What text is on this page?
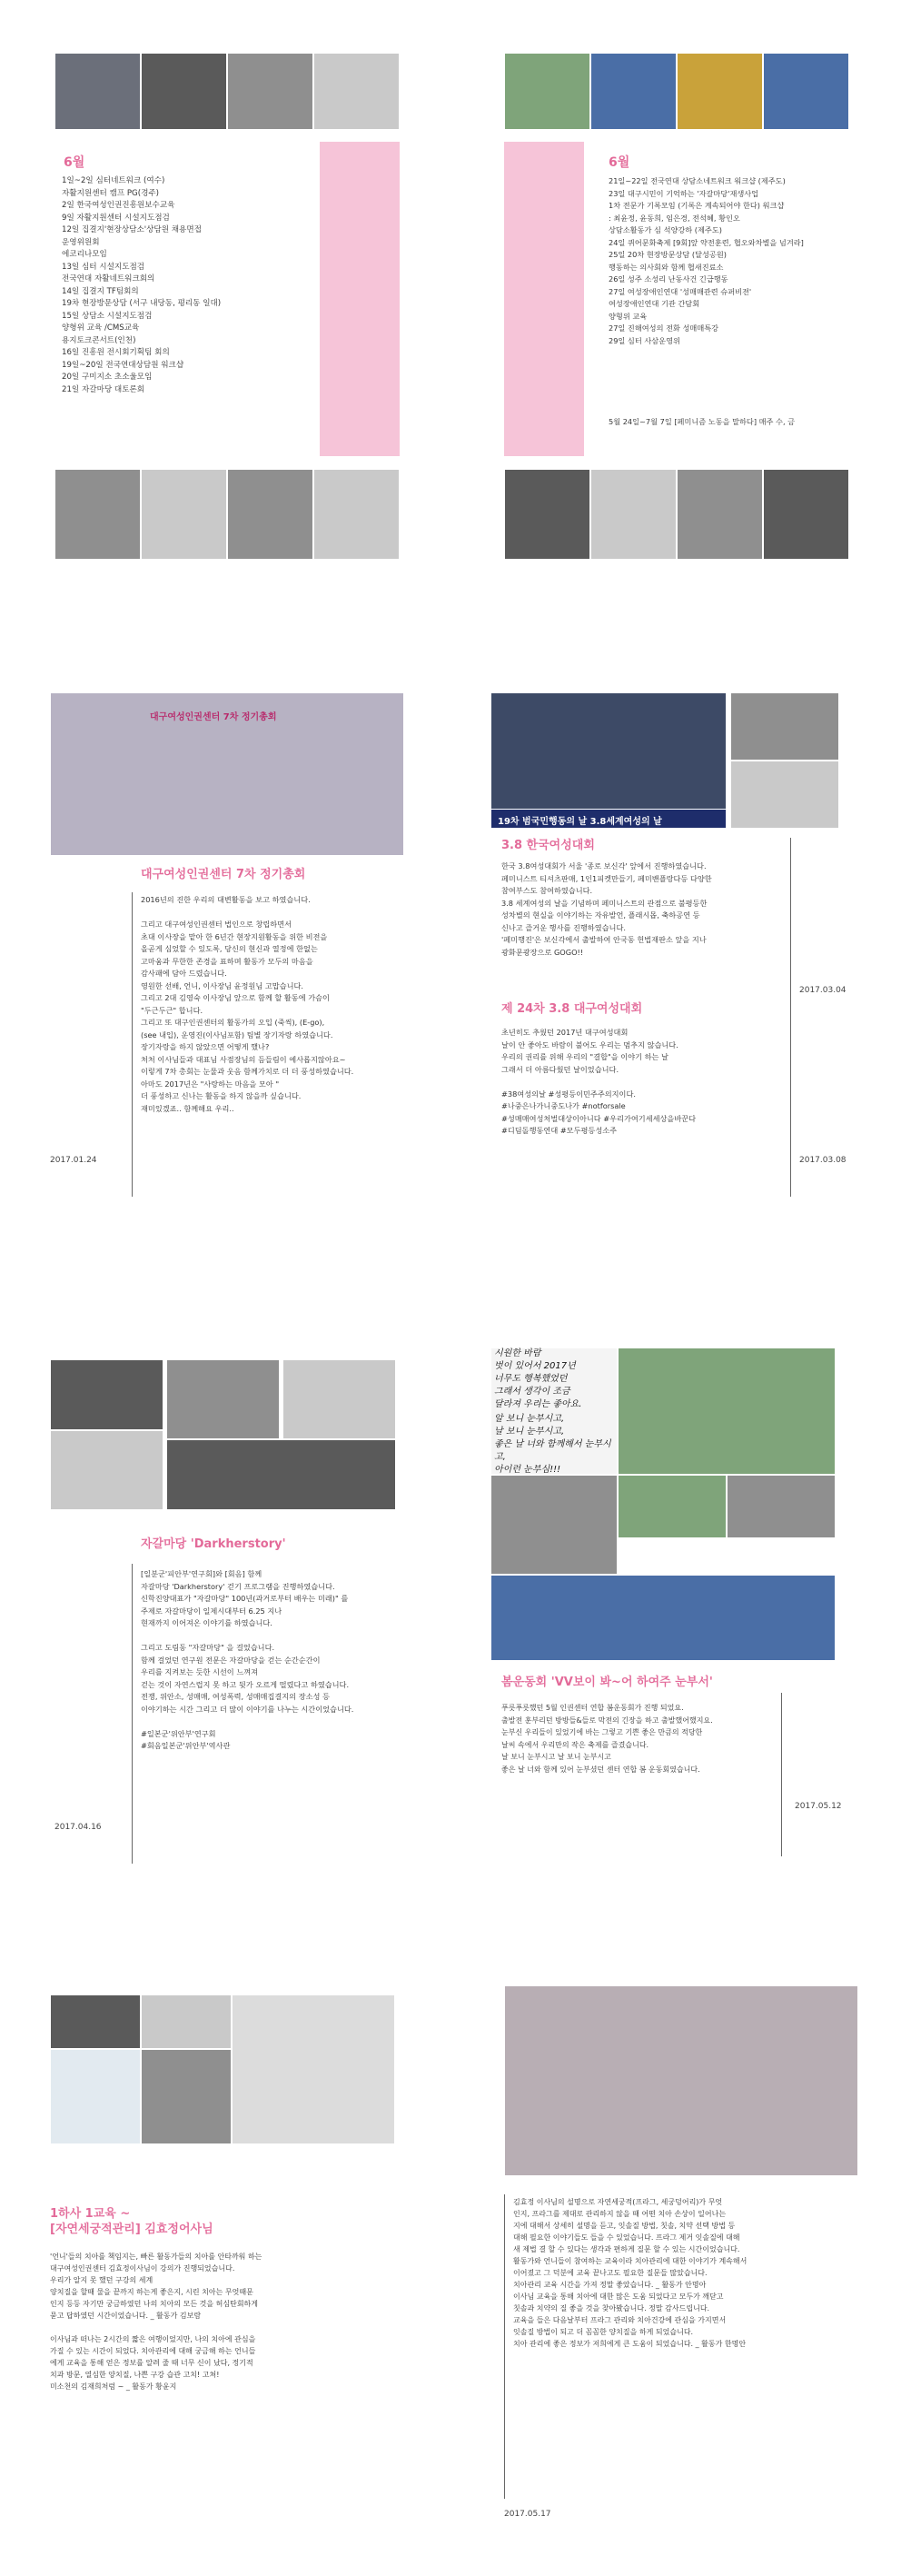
6월
1일~2일 심터네트워크 (여수)
자활지원센터 캠프 PG(경주)
2일 한국여성인권진흥원보수교육
9일 자활지원센터 시설지도점검
12일 집결지'현장상담소'상담원 채용면접
운영위원회
에코리나모임
13일 심터 시설지도점검
전국연대 자활네트워크회의
14일 집결지 TF팀회의
19차 현장방문상담 (서구 내당동, 평리동 일대)
15일 상담소 시설지도점검
양형위 교육 /CMS교육
용지토크콘서트(인천)
16일 진흥원 전시회기획팀 회의
19일~20일 전국연대상담원 워크샵
20일 구미지소 초소울모임
21일 자갈마당 대토론회
6월
21일~22일 전국연대 상담소네트워크 워크샵 (제주도)
23일 대구시민이 기억하는 '자갈마당'재생사업
1차 전문가 기록모임 (기록은 계속되어야 한다) 워크샵
: 최윤정, 윤동희, 임은경, 전석혜, 황인오
상담소활동가 심 석양강하 (제주도)
24일 퀴어문화축제 [9회]앞 약전훈련, 협오와차별을 넘겨라]
25일 20차 현장방문상담 (달성공원)
행동하는 의사회와 함께 협새진료소
26일 성주 소성리 난동사건 긴급행동
27일 여성장애인연대 '성매매관련 슈퍼비젼'
여성장애인연대 기관 간담회
양형위 교육
27일 진해여성의 전화 성매매특강
29일 심터 사삼운영위
5월 24일~7월 7일 [페미니즘 노동을 말하다] 매주 수, 금
대구여성인권센터 7차 정기총회
대구여성인권센터 7차 정기총회
2016년의 진한 우리의 대변활동을 보고 하였습니다.

그리고 대구여성인권센터 법인으로 창립하면서
초대 이사장을 맡아 한 6년간 현장지원활동을 위한 비전을
올곧게 심었할 수 있도록, 당신의 현신과 열정에 한없는
고마움과 무한한 존경을 표하며 활동가 모두의 마음을
감사패에 담아 드렸습니다.
영원한 선배, 언니, 이사장님 윤정원님 고맙습니다.
그리고 2대 김영숙 이사장님 앞으로 함께 할 활동에 가슴이
"두근두근" 합니다.
그리고 또 대구인권센터의 활동가의 오입 (죽씩), (E-go),
(see 내입), 운영진(이사님포함) 팀별 장기자랑 하였습니다.
장기자랑을 하지 않았으면 어떻게 했나?
처처 이사님들과 대표님 사점장님의 듬들림이 예사롭지않아요~
이렇게 7차 총회는 눈물과 웃음 함께가치로 더 더 풍성하였습니다.
아마도 2017년은 "사랑하는 마음을 모아 "
더 풍성하고 신나는 활동을 하지 않을까 싶습니다.
재미있겠죠.. 함께해요 우리..
2017.01.24
19차 범국민행동의 날 3.8세계여성의 날
3.8 한국여성대회
한국 3.8여성대회가 서울 '종로 보신각' 앞에서 진행하였습니다.
페미니스트 티셔츠판매, 1인1피켓만들기, 페미밴플랑다등 다양한
참여부스도 참여하였습니다.
3.8 세계여성의 날을 기념하며 페미니스트의 관점으로 불평등한
성차별의 현실을 이야기하는 자유발언, 플래시몹, 축하공연 등
신나고 즐거운 행사를 진행하였습니다.
'페미행진'은 보신각에서 출발하여 안국동 헌법재판소 앞을 지나
광화문광장으로 GOGO!!
2017.03.04
제 24차 3.8 대구여성대회
초년히도 추웠던 2017년 대구여성대회
날이 안 좋아도 바람이 불어도 우리는 멈추지 않습니다.
우리의 권리를 위해 우리의 "결합"을 이야기 하는 날
그래서 더 아름다웠던 날이었습니다.

#38여성의날 #성평등이민주주의지이다.
#나중은나가니중도나가 #notforsale
#성매매여성처벌대상이아니다 #우리가여기세세상을바꾼다
#디딤돌행동연대 #모두평등성소주
2017.03.08
자갈마당 'Darkherstory'
[일분군'피안부'연구회]와 [회음] 함께
자갈마당 'Darkherstory' 걷기 프로그램을 진행하였습니다.
신학진양대표가 "자갈마당" 100년(과거로부터 배우는 미래)" 를
주제로 자갈마당이 일제시대부터 6.25 지나
현재까지 이어져온 이야기를 하였습니다.

그리고 도림동 "자갈마당" 을 걸었습니다.
함께 걸었던 연구원 전문은 자갈마당을 걷는 순간순간이
우리를 지켜보는 듯한 시선이 느껴져
걷는 것이 자연스럽지 못 하고 뒷가 오르게 떨렸다고 하였습니다.
전쟁, 위안소, 성매매, 여성폭력, 성매매집결지의 장소성 등
이야기하는 시간 그리고 더 많이 이야기를 나누는 시간이었습니다.

#일본군'위안부'연구회
#회음일본군'위안부'역사관
2017.04.16
시원한 바람
벗이 있어서 2017년
너무도 행복했었던
그래서 생각이 조금
달라져 우리는 좋아요.
알 보니 눈부시고,
날 보니 눈부시고,
좋은 날 너와 함께해서 눈부시고,
아이런 눈부심!!!
봄운동회 'VV보이 봐~어 하여주 눈부서'
푸릇푸릇했던 5월 인권센터 연합 봄운동회가 진행 되었요.
출발전 훈부리던 방방들&들로 막전의 긴장을 하고 출발했어했지요.
눈부신 우리들이 있었기에 바는 그렇고 기쁜 좋은 만큼의 적당한
날씨 속에서 우리만의 작은 축제를 즐겼습니다.
날 보니 눈부시고 날 보니 눈부시고
좋은 날 너와 함께 있어 눈부셨던 센터 연합 봄 운동회였습니다.
2017.05.12
1하사 1교육 ~
[자연세궁적관리] 김효정어사님
'언니'들의 치아를 책임지는, 빠른 활동가들의 치아를 안타까워 하는
대구여성인권센터 김효정이사님이 강의가 진행되었습니다.
우리가 알지 못 했던 구강의 세계
양치질을 할때 물을 끝까지 하는게 좋은지, 시린 치아는 무엇때문
인지 등등 자기만 궁금하였던 나의 치아의 모든 것을 허심탄회하게
묻고 답하였던 시간이었습니다. _ 활동가 김보람

이사님과 떠나는 2시간의 짧은 여행이었지만, 나의 치아에 관심을
가질 수 있는 시간이 되었다. 치아관리에 대해 궁금해 하는 언니들
에게 교육을 통해 얻은 정보를 알려 줄 때 너무 신이 났다, 정기적
치과 방문, 열심한 양치질, 나쁜 구강 습관 고치! 고쳐!
미소천의 김재희처럼 ~ _ 활동가 황윤지
김효정 이사님의 설명으로 자연세궁적(프라그, 세궁덩어리)가 무엇
인지, 프라그를 제대로 관리하지 않을 때 어떤 치아 손상이 일어나는
지에 대해서 상세히 설명을 듣고, 잇솔질 방법, 칫솔, 치약 선택 방법 등
대해 필요한 이야기들도 들을 수 있었습니다. 프라그 제거 잇솔질에 대해
새 제법 결 할 수 있다는 생각과 편하게 질문 할 수 있는 시간이었습니다.
활동가와 언니들이 참여하는 교육이라 치아관리에 대한 이야기가 계속해서
이어졌고 그 덕분에 교육 끝나고도 필요한 질문들 많았습니다.
치아관리 교육 시간을 가져 정말 좋았습니다. _ 활동가 안명아
이사님 교육을 통해 치아에 대한 많은 도움 되었다고 모두가 깨닫고
칫솔과 치약의 질 좋을 것을 찾아봤습니다. 정말 감사드립니다.
교육을 들은 다음날부터 프라그 관리와 치아건강에 관심을 가지면서
잇솔질 방법이 되고 더 꼼꼼한 양치질을 하게 되었습니다.
치아 관리에 좋은 정보가 저희에게 큰 도움이 되었습니다. _ 활동가 한명안
2017.05.17
